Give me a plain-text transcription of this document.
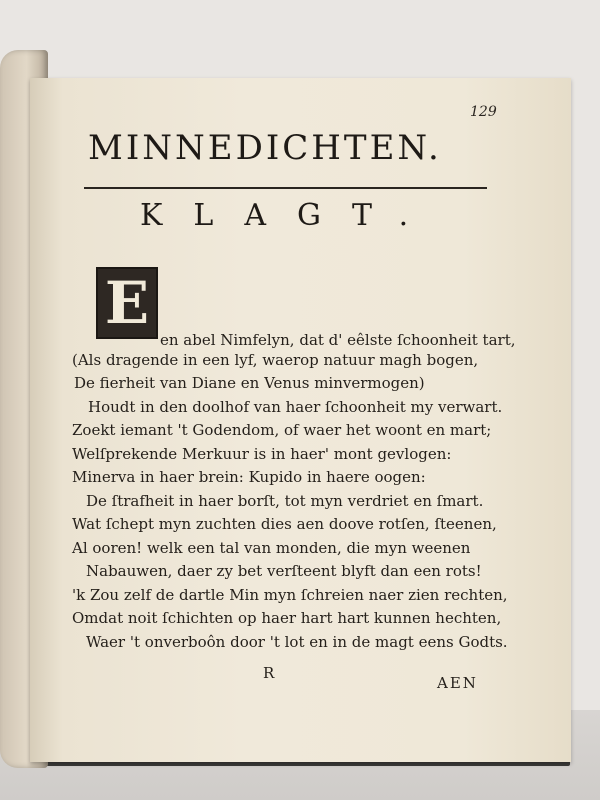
129
MINNEDICHTEN.
KLAGT.
E
en abel Nimfelyn, dat d' eêlste ſchoonheit tart,
(Als dragende in een lyf, waerop natuur magh bogen,
De fierheit van Diane en Venus minvermogen)
Houdt in den doolhof van haer ſchoonheit my verwart.
Zoekt iemant 't Godendom, of waer het woont en mart;
Welſprekende Merkuur is in haer' mont gevlogen:
Minerva in haer brein: Kupido in haere oogen:
De ſtrafheit in haer borſt, tot myn verdriet en ſmart.
Wat ſchept myn zuchten dies aen doove rotſen, ſteenen,
Al ooren! welk een tal van monden, die myn weenen
Nabauwen, daer zy bet verſteent blyft dan een rots!
'k Zou zelf de dartle Min myn ſchreien naer zien rechten,
Omdat noit ſchichten op haer hart hart kunnen hechten,
Waer 't onverboôn door 't lot en in de magt eens Godts.
R
AEN
